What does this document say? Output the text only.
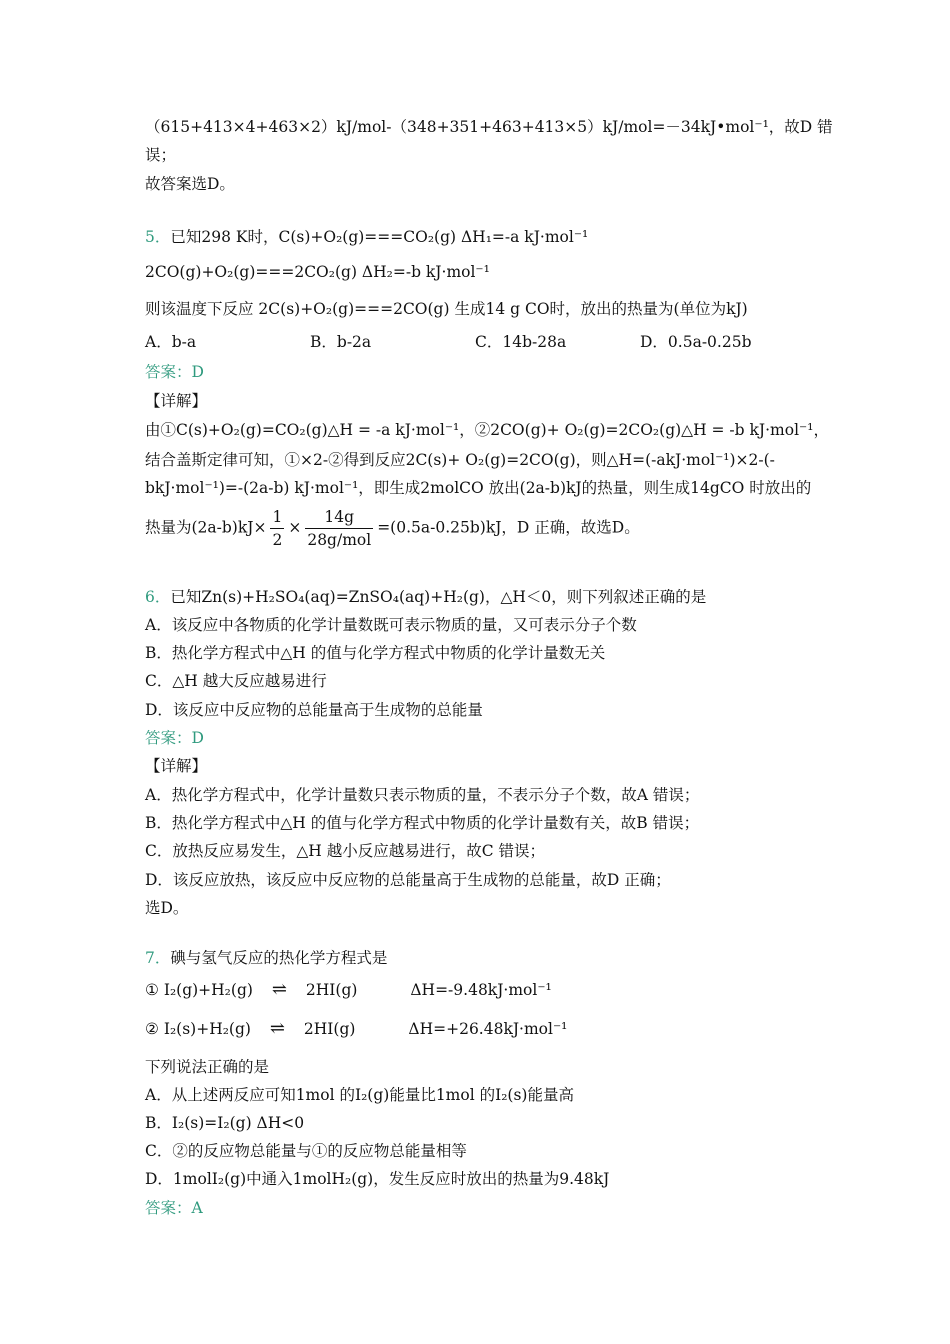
（615+413×4+463×2）kJ/mol-（348+351+463+413×5）kJ/mol=－34kJ•mol⁻¹，故D 错
误；
故答案选D。
5．已知298 K时，C(s)+O₂(g)===CO₂(g) ΔH₁=-a kJ·mol⁻¹
2CO(g)+O₂(g)===2CO₂(g) ΔH₂=-b kJ·mol⁻¹
则该温度下反应 2C(s)+O₂(g)===2CO(g) 生成14 g CO时，放出的热量为(单位为kJ)
A．b-a	B．b-2a	C．14b-28a	D．0.5a-0.25b
答案：D
【详解】
由①C(s)+O₂(g)=CO₂(g)△H = -a kJ·mol⁻¹，②2CO(g)+ O₂(g)=2CO₂(g)△H = -b kJ·mol⁻¹，
结合盖斯定律可知，①×2-②得到反应2C(s)+ O₂(g)=2CO(g)，则△H=(-akJ·mol⁻¹)×2-(-
bkJ·mol⁻¹)=-(2a-b) kJ·mol⁻¹，即生成2molCO 放出(2a-b)kJ的热量，则生成14gCO 时放出的
热量为$(2a-b)kJ\times \frac{1}{2} \times \frac{14g}{\text{28g/mol}} =(0.5a-0.25b)kJ$，D 正确，故选D。
6．已知Zn(s)+H₂SO₄(aq)=ZnSO₄(aq)+H₂(g)，△H＜0，则下列叙述正确的是
A．该反应中各物质的化学计量数既可表示物质的量，又可表示分子个数
B．热化学方程式中△H 的值与化学方程式中物质的化学计量数无关
C．△H 越大反应越易进行
D．该反应中反应物的总能量高于生成物的总能量
答案：D
【详解】
A．热化学方程式中，化学计量数只表示物质的量，不表示分子个数，故A 错误；
B．热化学方程式中△H 的值与化学方程式中物质的化学计量数有关，故B 错误；
C．放热反应易发生，△H 越小反应越易进行，故C 错误；
D．该反应放热，该反应中反应物的总能量高于生成物的总能量，故D 正确；
选D。
7．碘与氢气反应的热化学方程式是
① I₂(g)+H₂(g) ⇌ 2HI(g)	ΔH=-9.48kJ·mol⁻¹
② I₂(s)+H₂(g) ⇌ 2HI(g)	ΔH=+26.48kJ·mol⁻¹
下列说法正确的是
A．从上述两反应可知1mol 的I₂(g)能量比1mol 的I₂(s)能量高
B．I₂(s)=I₂(g) ΔH<0
C．②的反应物总能量与①的反应物总能量相等
D．1molI₂(g)中通入1molH₂(g)，发生反应时放出的热量为9.48kJ
答案：A
